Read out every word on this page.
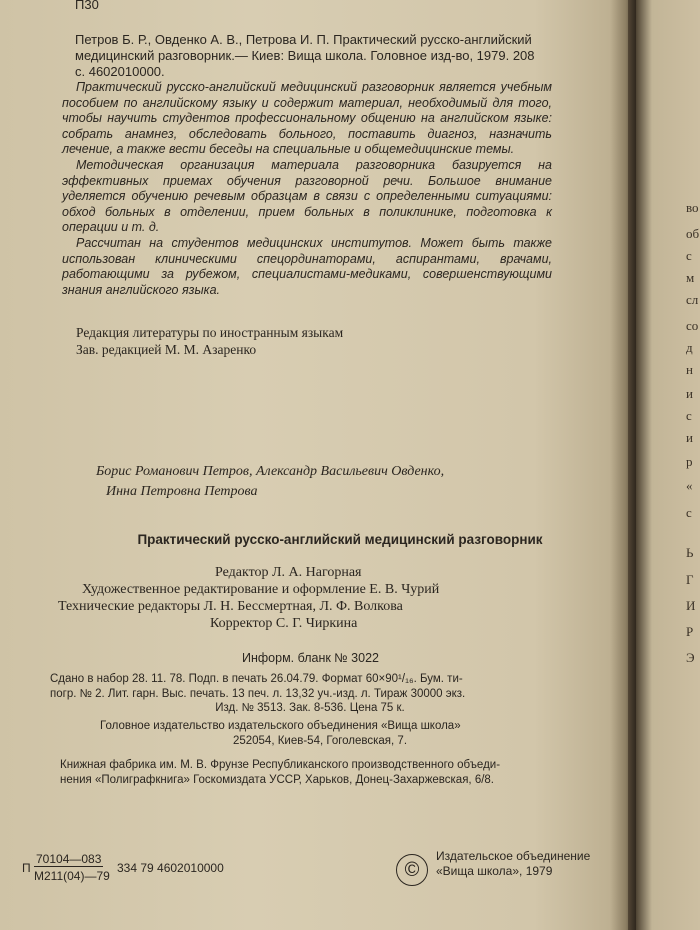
П30
Петров Б. Р., Овденко А. В., Петрова И. П. Практический русско-английский медицинский разговорник.— Киев: Вища школа. Головное изд-во, 1979. 208 с. 4602010000.

Практический русско-английский медицинский разговорник является учебным пособием по английскому языку и содержит материал, необходимый для того, чтобы научить студентов профессиональному общению на английском языке: собрать анамнез, обследовать больного, поставить диагноз, назначить лечение, а также вести беседы на специальные и общемедицинские темы.

Методическая организация материала разговорника базируется на эффективных приемах обучения разговорной речи. Большое внимание уделяется обучению речевым образцам в связи с определенными ситуациями: обход больных в отделении, прием больных в поликлинике, подготовка к операции и т. д.

Рассчитан на студентов медицинских институтов. Может быть также использован клиническими спецординаторами, аспирантами, врачами, работающими за рубежом, специалистами-медиками, совершенствующими знания английского языка.

Редакция литературы по иностранным языкам
Зав. редакцией М. М. Азаренко
Борис Романович Петров, Александр Васильевич Овденко,
Инна Петровна Петрова
Практический русско-английский медицинский разговорник
Редактор Л. А. Нагорная
Художественное редактирование и оформление Е. В. Чурий
Технические редакторы Л. Н. Бессмертная, Л. Ф. Волкова
Корректор С. Г. Чиркина
Информ. бланк № 3022
Сдано в набор 28. 11. 78. Подп. в печать 26.04.79. Формат 60×90¹/₁₆. Бум. ти-
погр. № 2. Лит. гарн. Выс. печать. 13 печ. л. 13,32 уч.-изд. л. Тираж 30000 экз.
Изд. № 3513. Зак. 8-536. Цена 75 к.
Головное издательство издательского объединения «Вища школа»
252054, Киев-54, Гоголевская, 7.
Книжная фабрика им. М. В. Фрунзе Республиканского производственного объеди-
нения «Полиграфкнига» Госкомиздата УССР, Харьков, Донец-Захаржевская, 6/8.
П
70104—083
М211(04)—79
334 79 4602010000	©
Издательское объединение
«Вища школа», 1979
во
об
с
м
сл
со
д
н
и
с
и
р
«
с
Ь
Г
И
Р
Э
